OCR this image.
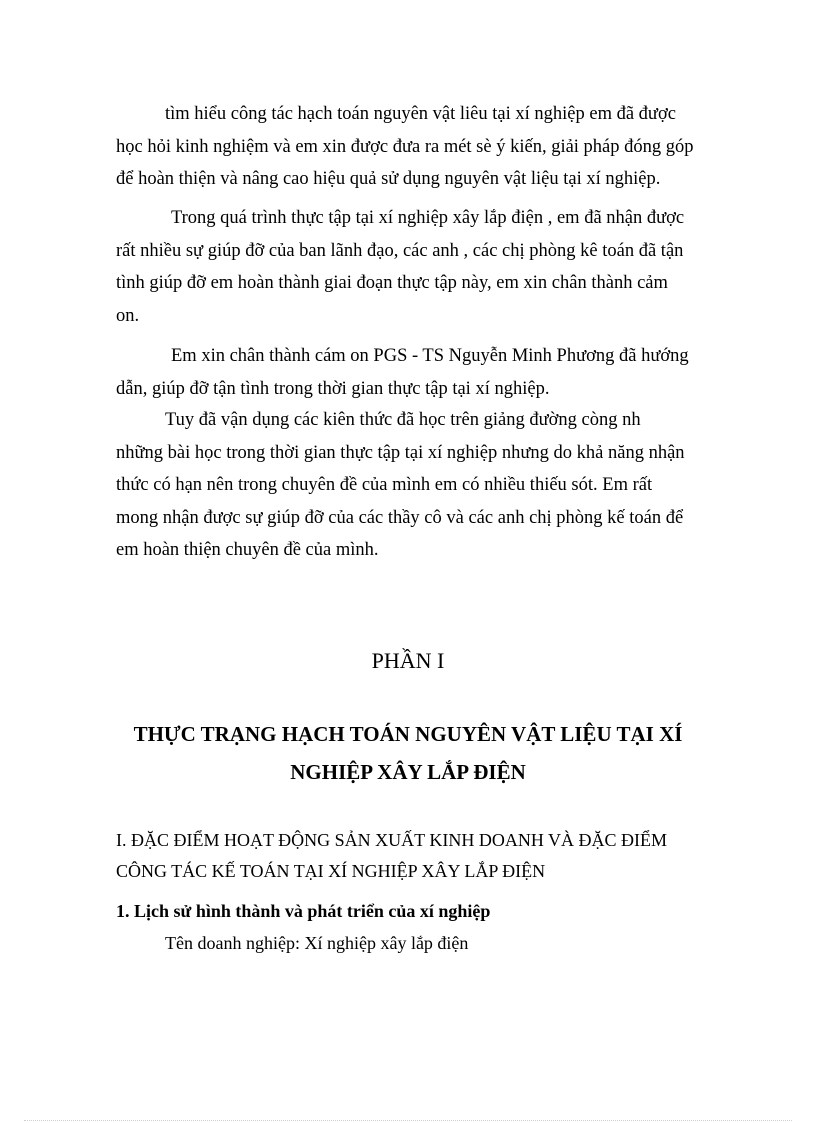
tìm hiểu công tác hạch toán nguyên vật liêu tại xí nghiệp em đã được
học hỏi kinh nghiệm và em xin được đưa ra mét sè ý kiến, giải pháp đóng góp
để hoàn thiện và nâng cao hiệu quả sử dụng nguyên vật liệu tại xí nghiệp.

Trong quá trình thực tập tại xí nghiệp xây lắp điện , em đã nhận được
rất nhiều sự giúp đỡ của ban lãnh đạo, các anh , các chị phòng kê toán đã tận
tình giúp đỡ em hoàn thành giai đoạn thực tập này, em xin chân thành cảm
on.

Em xin chân thành cám on PGS - TS Nguyễn Minh Phương đã hướng
dẫn, giúp đỡ tận tình trong thời gian thực tập tại xí nghiệp.

Tuy đã vận dụng các kiên thức đã học trên giảng đường còng nh
những bài học trong thời gian thực tập tại xí nghiệp nhưng do khả năng nhận
thức có hạn nên trong chuyên đề của mình em có nhiều thiếu sót. Em rất
mong nhận được sự giúp đỡ của các thầy cô và các anh chị phòng kế toán để
em hoàn thiện chuyên đề của mình.

PHẦN I

THỰC TRẠNG HẠCH TOÁN NGUYÊN VẬT LIỆU TẠI XÍ
NGHIỆP XÂY LẮP ĐIỆN
I. ĐẶC ĐIỂM HOẠT ĐỘNG SẢN XUẤT KINH DOANH VÀ ĐẶC ĐIỂM
CÔNG TÁC KẾ TOÁN TẠI XÍ NGHIỆP XÂY LẮP ĐIỆN

1. Lịch sử hình thành và phát triển của xí nghiệp

Tên doanh nghiệp: Xí nghiệp xây lắp điện
